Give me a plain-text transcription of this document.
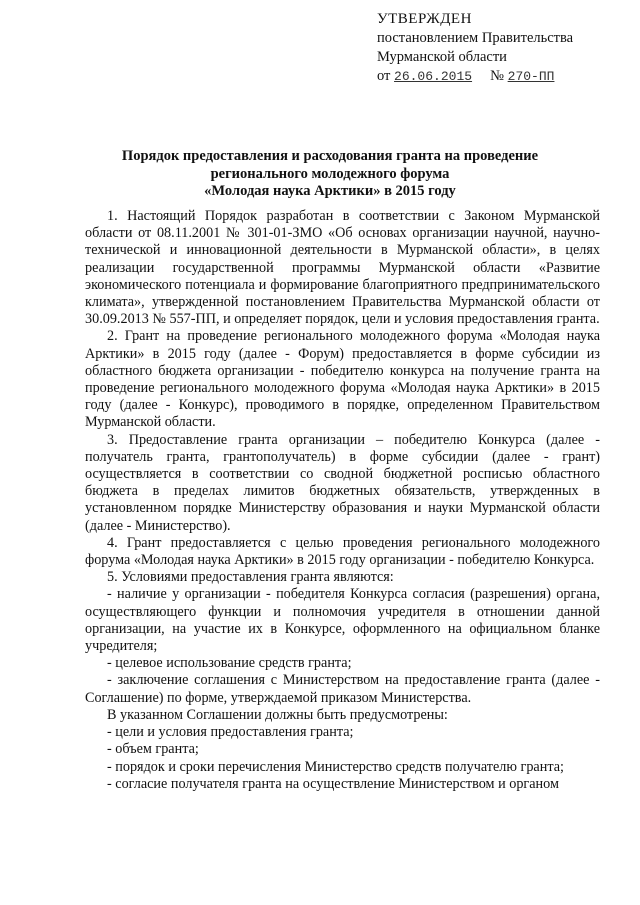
УТВЕРЖДЕН
постановлением Правительства
Мурманской области
от 26.06.2015 № 270-ПП
Порядок предоставления и расходования гранта на проведение
регионального молодежного форума
«Молодая наука Арктики» в 2015 году

1. Настоящий Порядок разработан в соответствии с Законом Мурманской области от 08.11.2001 № 301-01-ЗМО «Об основах организации научной, научно-технической и инновационной деятельности в Мурманской области», в целях реализации государственной программы Мурманской области «Развитие экономического потенциала и формирование благоприятного предпринимательского климата», утвержденной постановлением Правительства Мурманской области от 30.09.2013 № 557-ПП, и определяет порядок, цели и условия предоставления гранта.

2. Грант на проведение регионального молодежного форума «Молодая наука Арктики» в 2015 году (далее - Форум) предоставляется в форме субсидии из областного бюджета организации - победителю конкурса на получение гранта на проведение регионального молодежного форума «Молодая наука Арктики» в 2015 году (далее - Конкурс), проводимого в порядке, определенном Правительством Мурманской области.

3. Предоставление гранта организации – победителю Конкурса (далее - получатель гранта, грантополучатель) в форме субсидии (далее - грант) осуществляется в соответствии со сводной бюджетной росписью областного бюджета в пределах лимитов бюджетных обязательств, утвержденных в установленном порядке Министерству образования и науки Мурманской области (далее - Министерство).

4. Грант предоставляется с целью проведения регионального молодежного форума «Молодая наука Арктики» в 2015 году организации - победителю Конкурса.

5. Условиями предоставления гранта являются:

- наличие у организации - победителя Конкурса согласия (разрешения) органа, осуществляющего функции и полномочия учредителя в отношении данной организации, на участие их в Конкурсе, оформленного на официальном бланке учредителя;

- целевое использование средств гранта;

- заключение соглашения с Министерством на предоставление гранта (далее - Соглашение) по форме, утверждаемой приказом Министерства.

В указанном Соглашении должны быть предусмотрены:

- цели и условия предоставления гранта;

- объем гранта;

- порядок и сроки перечисления Министерство средств получателю гранта;

- согласие получателя гранта на осуществление Министерством и органом
